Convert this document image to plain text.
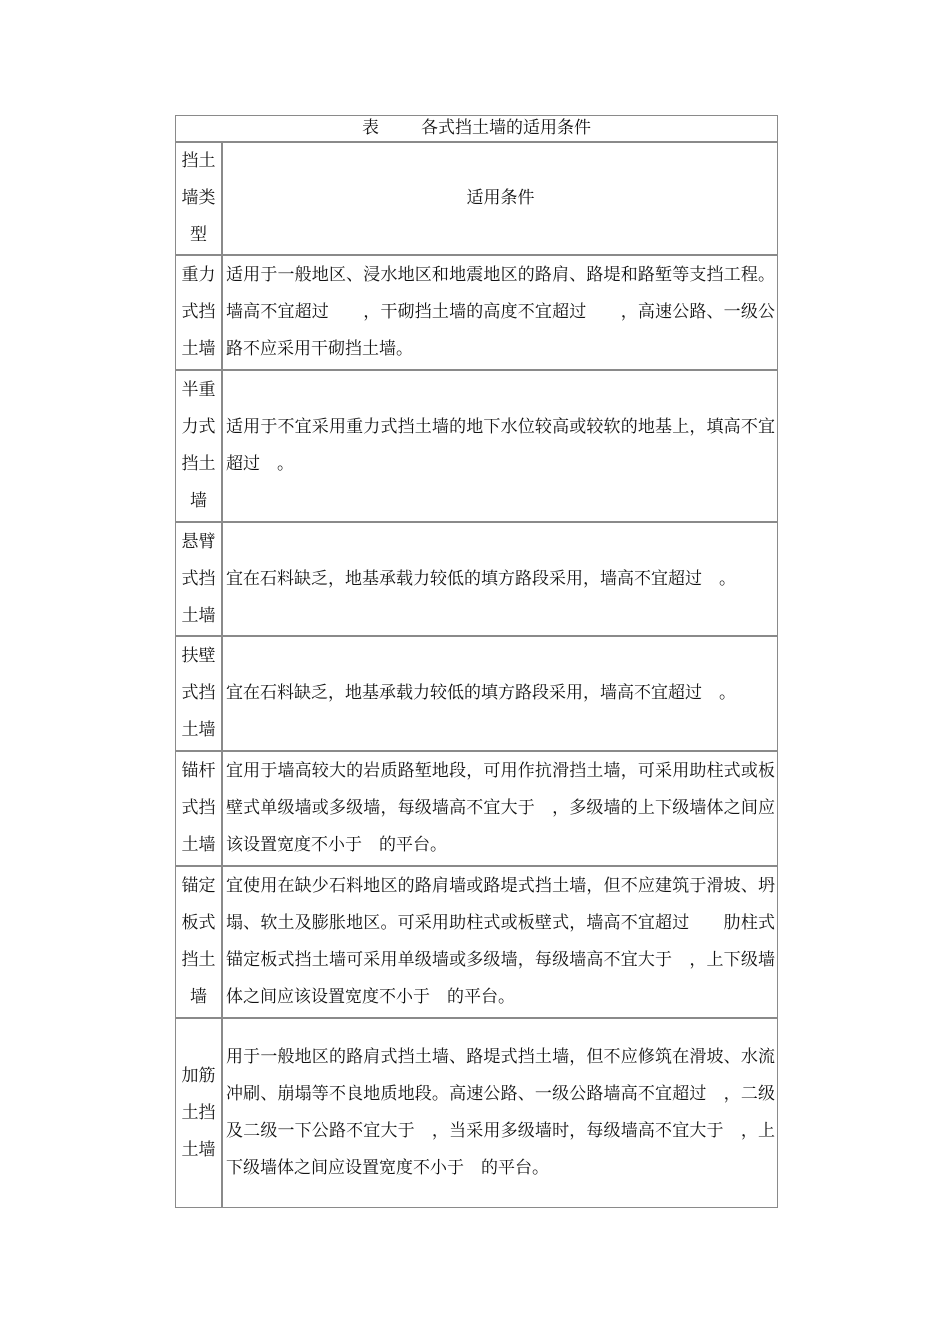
表 各式挡土墙的适用条件
挡土
墙类
型
适用条件
重力
式挡
土墙
适用于一般地区、浸水地区和地震地区的路肩、路堤和路堑等支挡工程。墙高不宜超过　　，干砌挡土墙的高度不宜超过　　，高速公路、一级公路不应采用干砌挡土墙。
半重
力式
挡土
墙
适用于不宜采用重力式挡土墙的地下水位较高或较软的地基上，填高不宜超过　。
悬臂
式挡
土墙
宜在石料缺乏，地基承载力较低的填方路段采用，墙高不宜超过　。
扶壁
式挡
土墙
宜在石料缺乏，地基承载力较低的填方路段采用，墙高不宜超过　。
锚杆
式挡
土墙
宜用于墙高较大的岩质路堑地段，可用作抗滑挡土墙，可采用助柱式或板壁式单级墙或多级墙，每级墙高不宜大于　，多级墙的上下级墙体之间应该设置宽度不小于　的平台。
锚定
板式
挡土
墙
宜使用在缺少石料地区的路肩墙或路堤式挡土墙，但不应建筑于滑坡、坍塌、软土及膨胀地区。可采用助柱式或板壁式，墙高不宜超过　　肋柱式锚定板式挡土墙可采用单级墙或多级墙，每级墙高不宜大于　，上下级墙体之间应该设置宽度不小于　的平台。
加筋
土挡
土墙
用于一般地区的路肩式挡土墙、路堤式挡土墙，但不应修筑在滑坡、水流冲刷、崩塌等不良地质地段。高速公路、一级公路墙高不宜超过　，二级及二级一下公路不宜大于　，当采用多级墙时，每级墙高不宜大于　，上下级墙体之间应设置宽度不小于　的平台。
